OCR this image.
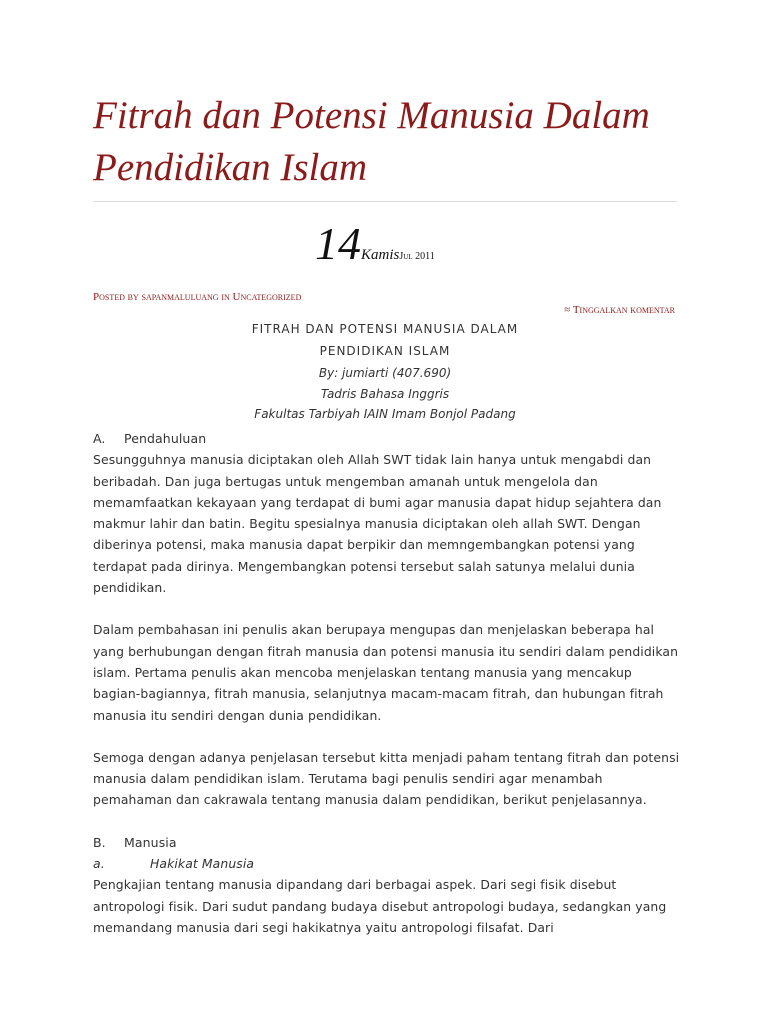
Fitrah dan Potensi Manusia Dalam Pendidikan Islam
14KamisJul 2011
Posted by sapanmaluluang in Uncategorized
≈ Tinggalkan komentar
FITRAH DAN POTENSI MANUSIA DALAM
PENDIDIKAN ISLAM
By: jumiarti (407.690)
Tadris Bahasa Inggris
Fakultas Tarbiyah IAIN Imam Bonjol Padang

A. Pendahuluan

Sesungguhnya manusia diciptakan oleh Allah SWT tidak lain hanya untuk mengabdi dan beribadah. Dan juga bertugas untuk mengemban amanah untuk mengelola dan memamfaatkan kekayaan yang terdapat di bumi agar manusia dapat hidup sejahtera dan makmur lahir dan batin. Begitu spesialnya manusia diciptakan oleh allah SWT. Dengan diberinya potensi, maka manusia dapat berpikir dan memngembangkan potensi yang terdapat pada dirinya. Mengembangkan potensi tersebut salah satunya melalui dunia pendidikan.

Dalam pembahasan ini penulis akan berupaya mengupas dan menjelaskan beberapa hal yang berhubungan dengan fitrah manusia dan potensi manusia itu sendiri dalam pendidikan islam. Pertama penulis akan mencoba menjelaskan tentang manusia yang mencakup bagian-bagiannya, fitrah manusia, selanjutnya macam-macam fitrah, dan hubungan fitrah manusia itu sendiri dengan dunia pendidikan.

Semoga dengan adanya penjelasan tersebut kitta menjadi paham tentang fitrah dan potensi manusia dalam pendidikan islam. Terutama bagi penulis sendiri agar menambah pemahaman dan cakrawala tentang manusia dalam pendidikan, berikut penjelasannya.

B. Manusia

a.	Hakikat Manusia

Pengkajian tentang manusia dipandang dari berbagai aspek. Dari segi fisik disebut antropologi fisik. Dari sudut pandang budaya disebut antropologi budaya, sedangkan yang memandang manusia dari segi hakikatnya yaitu antropologi filsafat. Dari
